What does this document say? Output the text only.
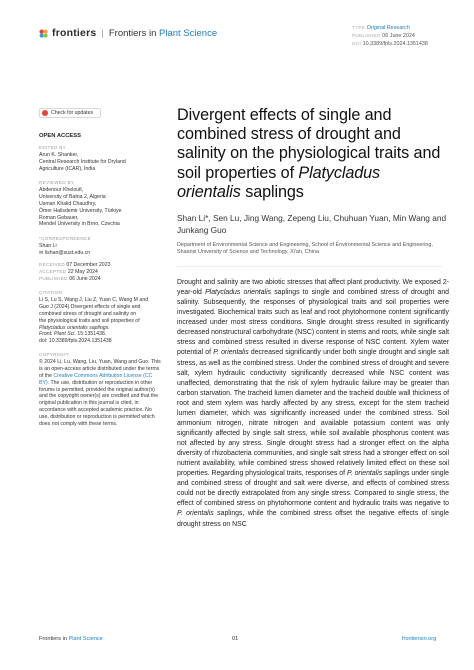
frontiers | Frontiers in
Plant Science	TYPE Original Research
PUBLISHED 06 June 2024
DOI 10.3389/fpls.2024.1351438
Check for updates
OPEN ACCESS
EDITED BY
Arun K. Shanker,
Central Research Institute for Dryland
Agriculture (ICAR), India
REVIEWED BY
Abdenour Kheloufi,
University of Batna 2, Algeria
Usman Khalid Chaudhry,
Ömer Halisdemir University, Türkiye
Roman Gebauer,
Mendel University in Brno, Czechia
*CORRESPONDENCE
Shan Li
✉ lishan@sust.edu.cn
RECEIVED 07 December 2023
ACCEPTED 22 May 2024
PUBLISHED 06 June 2024
CITATION
Li S, Lu S, Wang J, Liu Z, Yuan C, Wang M and
Guo J (2024) Divergent effects of single and
combined stress of drought and salinity on
the physiological traits and soil properties of
Platycladus orientalis saplings.
Front. Plant Sci. 15:1351438.
doi: 10.3389/fpls.2024.1351438
COPYRIGHT
© 2024 Li, Lu, Wang, Liu, Yuan, Wang and Guo. This is an open-access article distributed under the terms of the Creative Commons Attribution License (CC BY). The use, distribution or reproduction in other forums is permitted, provided the original author(s) and the copyright owner(s) are credited and that the original publication in this journal is cited, in accordance with accepted academic practice. No use, distribution or reproduction is permitted which does not comply with these terms.
Divergent effects of single and combined stress of drought and salinity on the physiological traits and soil properties of Platycladus orientalis saplings
Shan Li*, Sen Lu, Jing Wang, Zepeng Liu, Chuhuan Yuan, Min Wang and Junkang Guo
Department of Environmental Science and Engineering, School of Environmental Science and Engineering, Shaanxi University of Science and Technology, Xi'an, China
Drought and salinity are two abiotic stresses that affect plant productivity. We exposed 2-year-old Platycladus orientalis saplings to single and combined stress of drought and salinity. Subsequently, the responses of physiological traits and soil properties were investigated. Biochemical traits such as leaf and root phytohormone content significantly increased under most stress conditions. Single drought stress resulted in significantly decreased nonstructural carbohydrate (NSC) content in stems and roots, while single salt stress and combined stress resulted in diverse response of NSC content. Xylem water potential of P. orientalis decreased significantly under both single drought and single salt stress, as well as the combined stress. Under the combined stress of drought and severe salt, xylem hydraulic conductivity significantly decreased while NSC content was unaffected, demonstrating that the risk of xylem hydraulic failure may be greater than carbon starvation. The tracheid lumen diameter and the tracheid double wall thickness of root and stem xylem was hardly affected by any stress, except for the stem tracheid lumen diameter, which was significantly increased under the combined stress. Soil ammonium nitrogen, nitrate nitrogen and available potassium content was only significantly affected by single salt stress, while soil available phosphorus content was not affected by any stress. Single drought stress had a stronger effect on the alpha diversity of rhizobacteria communities, and single salt stress had a stronger effect on soil nutrient availability, while combined stress showed relatively limited effect on these soil properties. Regarding physiological traits, responses of P. orientalis saplings under single and combined stress of drought and salt were diverse, and effects of combined stress could not be directly extrapolated from any single stress. Compared to single stress, the effect of combined stress on phytohormone content and hydraulic traits was negative to P. orientalis saplings, while the combined stress offset the negative effects of single drought stress on NSC
Frontiers in Plant Science	01	frontiersin.org
